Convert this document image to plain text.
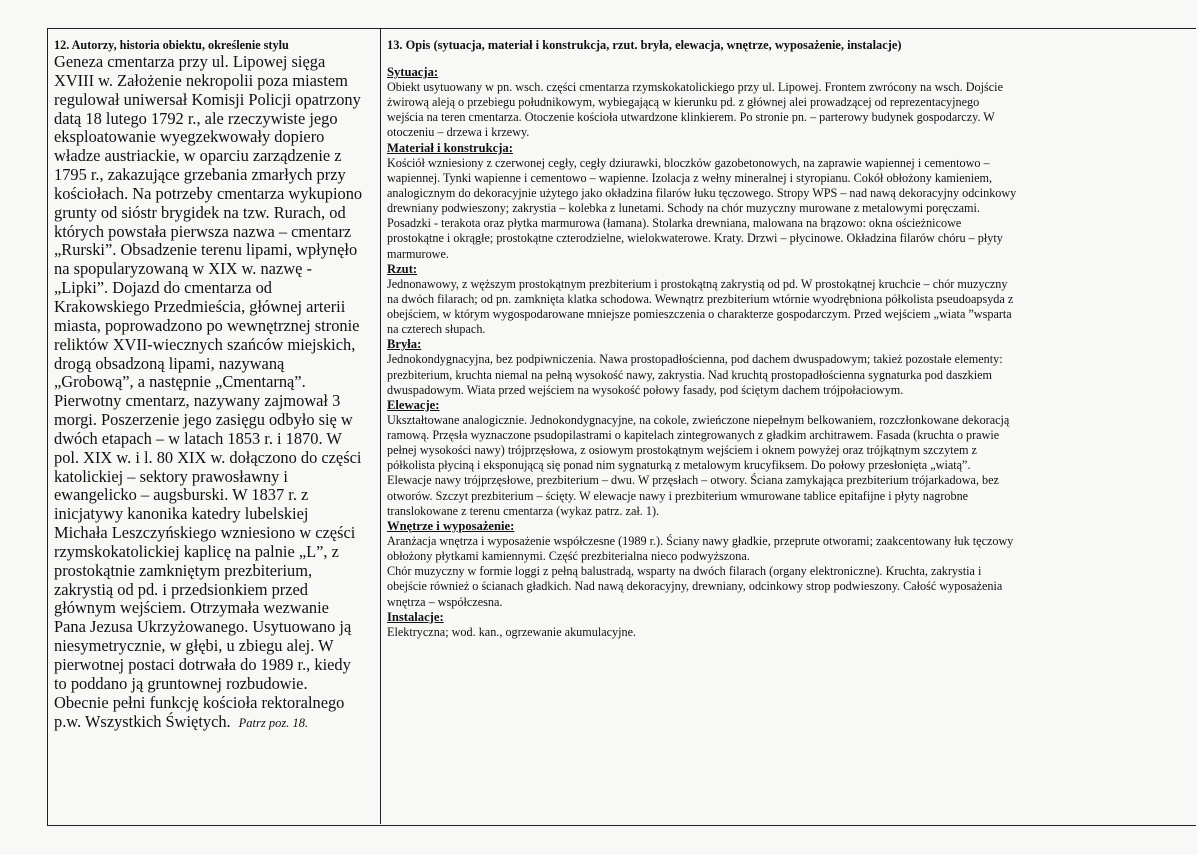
12. Autorzy, historia obiektu, określenie stylu
Geneza cmentarza przy ul. Lipowej sięga
XVIII w. Założenie nekropolii poza miastem
regulował uniwersał Komisji Policji opatrzony
datą 18 lutego 1792 r., ale rzeczywiste jego
eksploatowanie wyegzekwowały dopiero
władze austriackie, w oparciu zarządzenie z
1795 r., zakazujące grzebania zmarłych przy
kościołach. Na potrzeby cmentarza wykupiono
grunty od sióstr brygidek na tzw. Rurach, od
których powstała pierwsza nazwa – cmentarz
„Rurski”. Obsadzenie terenu lipami, wpłynęło
na spopularyzowaną w XIX w. nazwę -
„Lipki”. Dojazd do cmentarza od
Krakowskiego Przedmieścia, głównej arterii
miasta, poprowadzono po wewnętrznej stronie
reliktów XVII-wiecznych szańców miejskich,
drogą obsadzoną lipami, nazywaną
„Grobową”, a następnie „Cmentarną”.
Pierwotny cmentarz, nazywany zajmował 3
morgi. Poszerzenie jego zasięgu odbyło się w
dwóch etapach – w latach 1853 r. i 1870. W
pol. XIX w. i l. 80 XIX w. dołączono do części
katolickiej – sektory prawosławny i
ewangelicko – augsburski. W 1837 r. z
inicjatywy kanonika katedry lubelskiej
Michała Leszczyńskiego wzniesiono w części
rzymskokatolickiej kaplicę na palnie „L”, z
prostokątnie zamkniętym prezbiterium,
zakrystią od pd. i przedsionkiem przed
głównym wejściem. Otrzymała wezwanie
Pana Jezusa Ukrzyżowanego. Usytuowano ją
niesymetrycznie, w głębi, u zbiegu alej. W
pierwotnej postaci dotrwała do 1989 r., kiedy
to poddano ją gruntownej rozbudowie.
Obecnie pełni funkcję kościoła rektoralnego
p.w. Wszystkich Świętych. Patrz poz. 18.
13. Opis (sytuacja, materiał i konstrukcja, rzut. bryła, elewacja, wnętrze, wyposażenie, instalacje)
Sytuacja:
Obiekt usytuowany w pn. wsch. części cmentarza rzymskokatolickiego przy ul. Lipowej. Frontem zwrócony na wsch. Dojście
żwirową aleją o przebiegu południkowym, wybiegającą w kierunku pd. z głównej alei prowadzącej od reprezentacyjnego
wejścia na teren cmentarza. Otoczenie kościoła utwardzone klinkierem. Po stronie pn. – parterowy budynek gospodarczy. W
otoczeniu – drzewa i krzewy.
Materiał i konstrukcja:
Kościół wzniesiony z czerwonej cegły, cegły dziurawki, bloczków gazobetonowych, na zaprawie wapiennej i cementowo –
wapiennej. Tynki wapienne i cementowo – wapienne. Izolacja z wełny mineralnej i styropianu. Cokół obłożony kamieniem,
analogicznym do dekoracyjnie użytego jako okładzina filarów łuku tęczowego. Stropy WPS – nad nawą dekoracyjny odcinkowy
drewniany podwieszony; zakrystia – kolebka z lunetami. Schody na chór muzyczny murowane z metalowymi poręczami.
Posadzki - terakota oraz płytka marmurowa (łamana). Stolarka drewniana, malowana na brązowo: okna ościeżnicowe
prostokątne i okrągłe; prostokątne czterodzielne, wielokwaterowe. Kraty. Drzwi – płycinowe. Okładzina filarów chóru – płyty
marmurowe.
Rzut:
Jednonawowy, z węższym prostokątnym prezbiterium i prostokątną zakrystią od pd. W prostokątnej kruchcie – chór muzyczny
na dwóch filarach; od pn. zamknięta klatka schodowa. Wewnątrz prezbiterium wtórnie wyodrębniona półkolista pseudoapsyda z
obejściem, w którym wygospodarowane mniejsze pomieszczenia o charakterze gospodarczym. Przed wejściem „wiata ”wsparta
na czterech słupach.
Bryła:
Jednokondygnacyjna, bez podpiwniczenia. Nawa prostopadłościenna, pod dachem dwuspadowym; takież pozostałe elementy:
prezbiterium, kruchta niemal na pełną wysokość nawy, zakrystia. Nad kruchtą prostopadłościenna sygnaturka pod daszkiem
dwuspadowym. Wiata przed wejściem na wysokość połowy fasady, pod ściętym dachem trójpołaciowym.
Elewacje:
Ukształtowane analogicznie. Jednokondygnacyjne, na cokole, zwieńczone niepełnym belkowaniem, rozczłonkowane dekoracją
ramową. Przęsła wyznaczone psudopilastrami o kapitelach zintegrowanych z gładkim architrawem. Fasada (kruchta o prawie
pełnej wysokości nawy) trójprzęsłowa, z osiowym prostokątnym wejściem i oknem powyżej oraz trójkątnym szczytem z
półkolista płyciną i eksponującą się ponad nim sygnaturką z metalowym krucyfiksem. Do połowy przesłonięta „wiatą”.
Elewacje nawy trójprzęsłowe, prezbiterium – dwu. W przęsłach – otwory. Ściana zamykająca prezbiterium trójarkadowa, bez
otworów. Szczyt prezbiterium – ścięty. W elewacje nawy i prezbiterium wmurowane tablice epitafijne i płyty nagrobne
translokowane z terenu cmentarza (wykaz patrz. zał. 1).
Wnętrze i wyposażenie:
Aranżacja wnętrza i wyposażenie współczesne (1989 r.). Ściany nawy gładkie, przeprute otworami; zaakcentowany łuk tęczowy
obłożony płytkami kamiennymi. Część prezbiterialna nieco podwyższona.
Chór muzyczny w formie loggi z pełną balustradą, wsparty na dwóch filarach (organy elektroniczne). Kruchta, zakrystia i
obejście również o ścianach gładkich. Nad nawą dekoracyjny, drewniany, odcinkowy strop podwieszony. Całość wyposażenia
wnętrza – współczesna.
Instalacje:
Elektryczna; wod. kan., ogrzewanie akumulacyjne.
